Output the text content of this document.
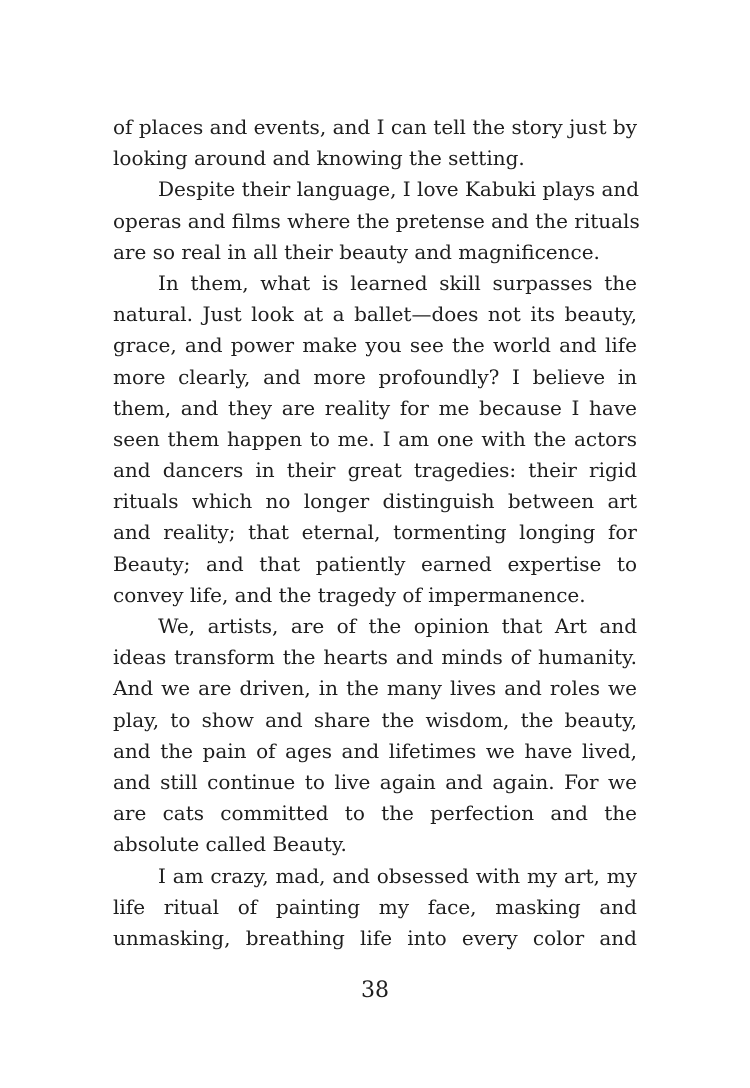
of places and events, and I can tell the story just by
looking around and knowing the setting.
Despite their language, I love Kabuki plays and
operas and films where the pretense and the rituals
are so real in all their beauty and magnificence.
In them, what is learned skill surpasses the
natural. Just look at a ballet—does not its beauty,
grace, and power make you see the world and life
more clearly, and more profoundly? I believe in
them, and they are reality for me because I have
seen them happen to me. I am one with the actors
and dancers in their great tragedies: their rigid
rituals which no longer distinguish between art
and reality; that eternal, tormenting longing for
Beauty; and that patiently earned expertise to
convey life, and the tragedy of impermanence.
We, artists, are of the opinion that Art and
ideas transform the hearts and minds of humanity.
And we are driven, in the many lives and roles we
play, to show and share the wisdom, the beauty,
and the pain of ages and lifetimes we have lived,
and still continue to live again and again. For we
are cats committed to the perfection and the
absolute called Beauty.
I am crazy, mad, and obsessed with my art, my
life ritual of painting my face, masking and
unmasking, breathing life into every color and
38
